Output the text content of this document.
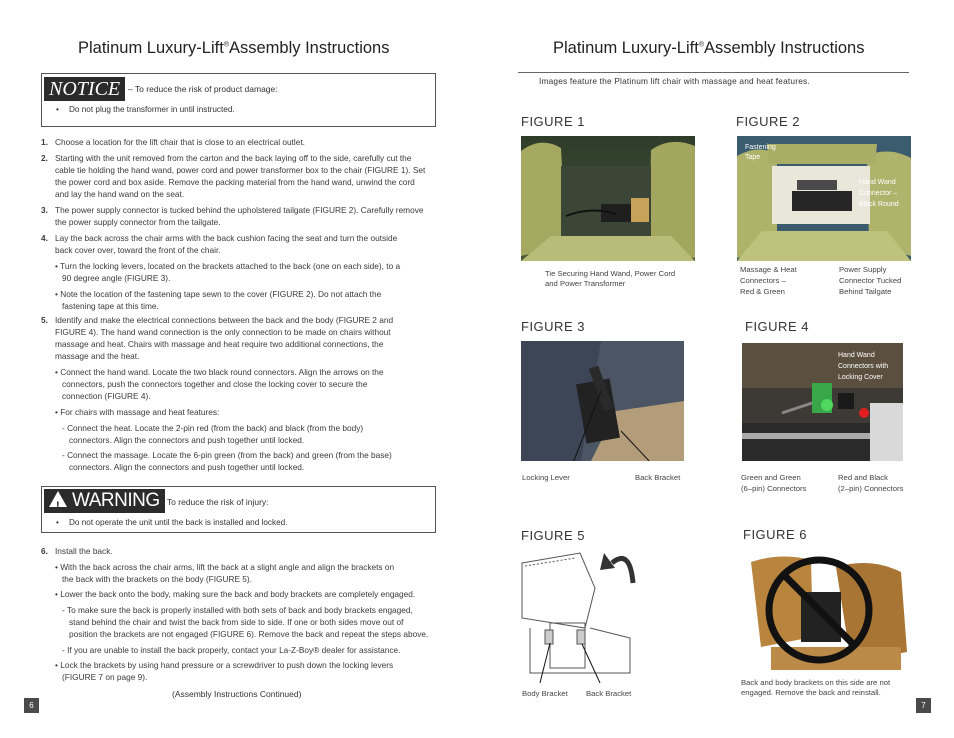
Platinum Luxury-Lift®Assembly Instructions
NOTICE – To reduce the risk of product damage:
• Do not plug the transformer in until instructed.
1. Choose a location for the lift chair that is close to an electrical outlet.
2. Starting with the unit removed from the carton and the back laying off to the side, carefully cut the
cable tie holding the hand wand, power cord and power transformer box to the chair (FIGURE 1). Set
the power cord and box aside. Remove the packing material from the hand wand, unwind the cord
and lay the hand wand on the seat.
3. The power supply connector is tucked behind the upholstered tailgate (FIGURE 2). Carefully remove
the power supply connector from the tailgate.
4. Lay the back across the chair arms with the back cushion facing the seat and turn the outside
back cover over, toward the front of the chair.
• Turn the locking levers, located on the brackets attached to the back (one on each side), to a
90 degree angle (FIGURE 3).
• Note the location of the fastening tape sewn to the cover (FIGURE 2). Do not attach the
fastening tape at this time.
5. Identify and make the electrical connections between the back and the body (FIGURE 2 and
FIGURE 4). The hand wand connection is the only connection to be made on chairs without
massage and heat. Chairs with massage and heat require two additional connections, the
massage and the heat.
• Connect the hand wand. Locate the two black round connectors. Align the arrows on the
connectors, push the connectors together and close the locking cover to secure the
connection (FIGURE 4).
• For chairs with massage and heat features:
- Connect the heat. Locate the 2-pin red (from the back) and black (from the body)
connectors. Align the connectors and push together until locked.
- Connect the massage. Locate the 6-pin green (from the back) and green (from the base)
connectors. Align the connectors and push together until locked.
!WARNING – To reduce the risk of injury:
• Do not operate the unit until the back is installed and locked.
6. Install the back.
• With the back across the chair arms, lift the back at a slight angle and align the brackets on
the back with the brackets on the body (FIGURE 5).
• Lower the back onto the body, making sure the back and body brackets are completely engaged.
- To make sure the back is properly installed with both sets of back and body brackets engaged,
stand behind the chair and twist the back from side to side. If one or both sides move out of
position the brackets are not engaged (FIGURE 6). Remove the back and repeat the steps above.
- If you are unable to install the back properly, contact your La-Z-Boy® dealer for assistance.
• Lock the brackets by using hand pressure or a screwdriver to push down the locking levers
(FIGURE 7 on page 9).
(Assembly Instructions Continued)
6
Platinum Luxury-Lift®Assembly Instructions
Images feature the Platinum lift chair with massage and heat features.
FIGURE 1	FIGURE 2
FIGURE 3	FIGURE 4
FIGURE 5	FIGURE 6
Tie Securing Hand Wand, Power Cord
and Power Transformer
Fastening
Tape
Hand Wand
Connector –
Black Round
Massage & Heat
Connectors –
Red & Green
Power Supply
Connector Tucked
Behind Tailgate
Locking Lever	Back Bracket
Hand Wand
Connectors with
Locking Cover
Green and Green
(6–pin) Connectors
Red and Black
(2–pin) Connectors
Body Bracket Back Bracket
Back and body brackets on this side are not
engaged. Remove the back and reinstall.
7
